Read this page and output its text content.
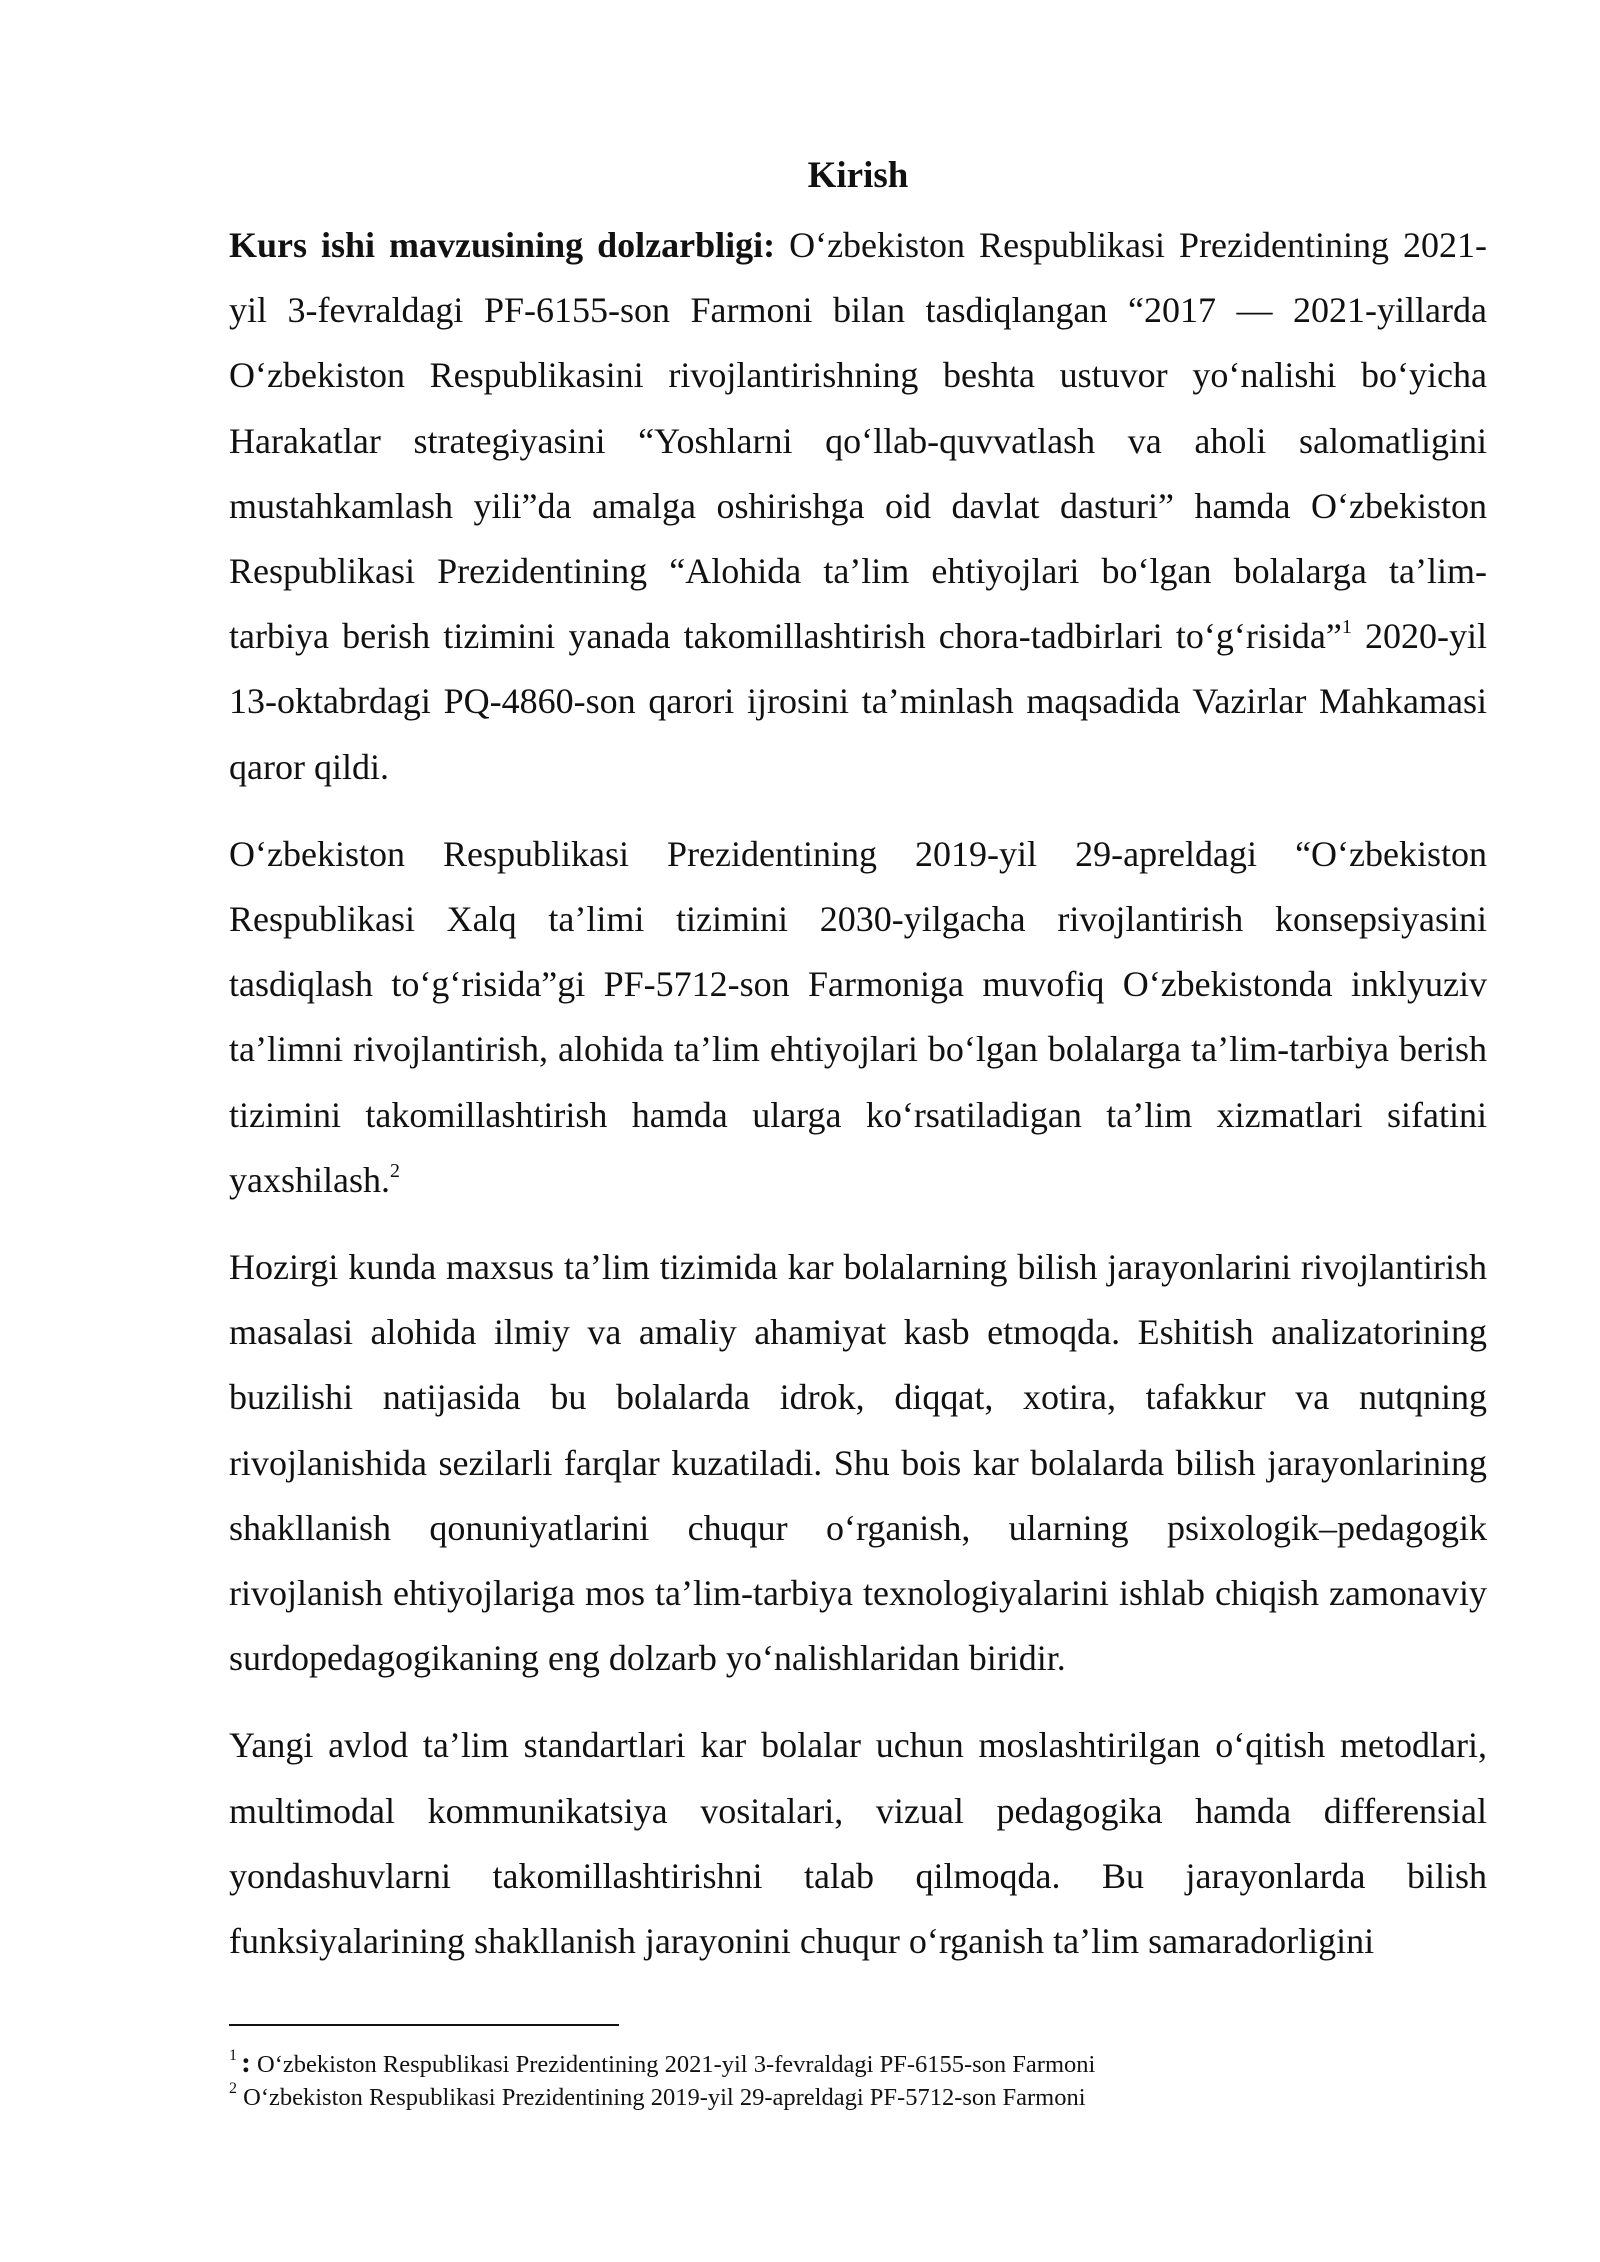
Kirish

Kurs ishi mavzusining dolzarbligi: O‘zbekiston Respublikasi Prezidentining 2021-yil 3-fevraldagi PF-6155-son Farmoni bilan tasdiqlangan “2017 — 2021-yillarda O‘zbekiston Respublikasini rivojlantirishning beshta ustuvor yo‘nalishi bo‘yicha Harakatlar strategiyasini “Yoshlarni qo‘llab-quvvatlash va aholi salomatligini mustahkamlash yili”da amalga oshirishga oid davlat dasturi” hamda O‘zbekiston Respublikasi Prezidentining “Alohida ta’lim ehtiyojlari bo‘lgan bolalarga ta’lim-tarbiya berish tizimini yanada takomillashtirish chora-tadbirlari to‘g‘risida”$^1$ 2020-yil 13-oktabrdagi PQ-4860-son qarori ijrosini ta’minlash maqsadida Vazirlar Mahkamasi qaror qildi.

O‘zbekiston Respublikasi Prezidentining 2019-yil 29-apreldagi “O‘zbekiston Respublikasi Xalq ta’limi tizimini 2030-yilgacha rivojlantirish konsepsiyasini tasdiqlash to‘g‘risida”gi PF-5712-son Farmoniga muvofiq O‘zbekistonda inklyuziv ta’limni rivojlantirish, alohida ta’lim ehtiyojlari bo‘lgan bolalarga ta’lim-tarbiya berish tizimini takomillashtirish hamda ularga ko‘rsatiladigan ta’lim xizmatlari sifatini yaxshilash.$^2$

Hozirgi kunda maxsus ta’lim tizimida kar bolalarning bilish jarayonlarini rivojlantirish masalasi alohida ilmiy va amaliy ahamiyat kasb etmoqda. Eshitish analizatorining buzilishi natijasida bu bolalarda idrok, diqqat, xotira, tafakkur va nutqning rivojlanishida sezilarli farqlar kuzatiladi. Shu bois kar bolalarda bilish jarayonlarining shakllanish qonuniyatlarini chuqur o‘rganish, ularning psixologik–pedagogik rivojlanish ehtiyojlariga mos ta’lim-tarbiya texnologiyalarini ishlab chiqish zamonaviy surdopedagogikaning eng dolzarb yo‘nalishlaridan biridir.

Yangi avlod ta’lim standartlari kar bolalar uchun moslashtirilgan o‘qitish metodlari, multimodal kommunikatsiya vositalari, vizual pedagogika hamda differensial yondashuvlarni takomillashtirishni talab qilmoqda. Bu jarayonlarda bilish funksiyalarining shakllanish jarayonini chuqur o‘rganish ta’lim samaradorligini

$^1$ : O‘zbekiston Respublikasi Prezidentining 2021-yil 3-fevraldagi PF-6155-son Farmoni

$^2$ O‘zbekiston Respublikasi Prezidentining 2019-yil 29-apreldagi PF-5712-son Farmoni
